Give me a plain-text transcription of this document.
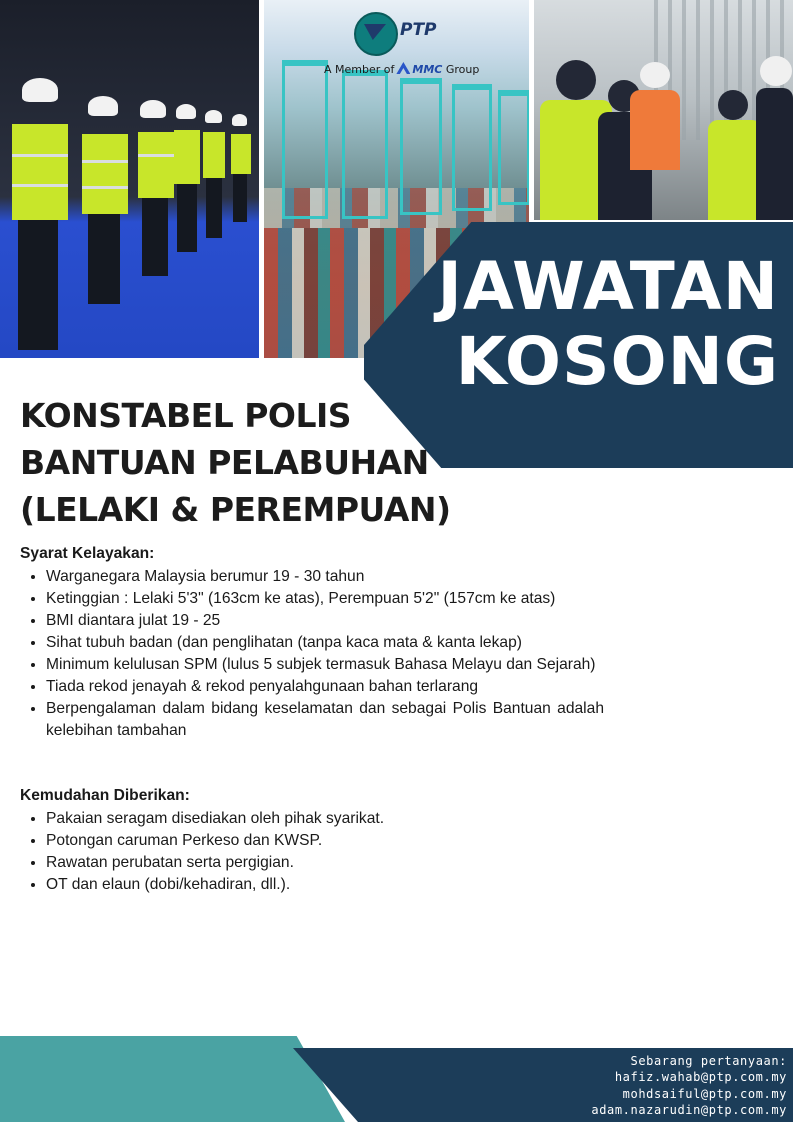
PTP
A Member of MMC Group
JAWATAN
KOSONG
KONSTABEL POLIS
BANTUAN PELABUHAN
(LELAKI & PEREMPUAN)
Syarat Kelayakan:
• Warganegara Malaysia berumur 19 - 30 tahun
• Ketinggian : Lelaki 5'3" (163cm ke atas), Perempuan 5'2" (157cm ke atas)
• BMI diantara julat 19 - 25
• Sihat tubuh badan (dan penglihatan (tanpa kaca mata & kanta lekap)
• Minimum kelulusan SPM (lulus 5 subjek termasuk Bahasa Melayu dan Sejarah)
• Tiada rekod jenayah & rekod penyalahgunaan bahan terlarang
• Berpengalaman dalam bidang keselamatan dan sebagai Polis Bantuan adalah kelebihan tambahan
Kemudahan Diberikan:
• Pakaian seragam disediakan oleh pihak syarikat.
• Potongan caruman Perkeso dan KWSP.
• Rawatan perubatan serta pergigian.
• OT dan elaun (dobi/kehadiran, dll.).
Sebarang pertanyaan:
hafiz.wahab@ptp.com.my
mohdsaiful@ptp.com.my
adam.nazarudin@ptp.com.my
